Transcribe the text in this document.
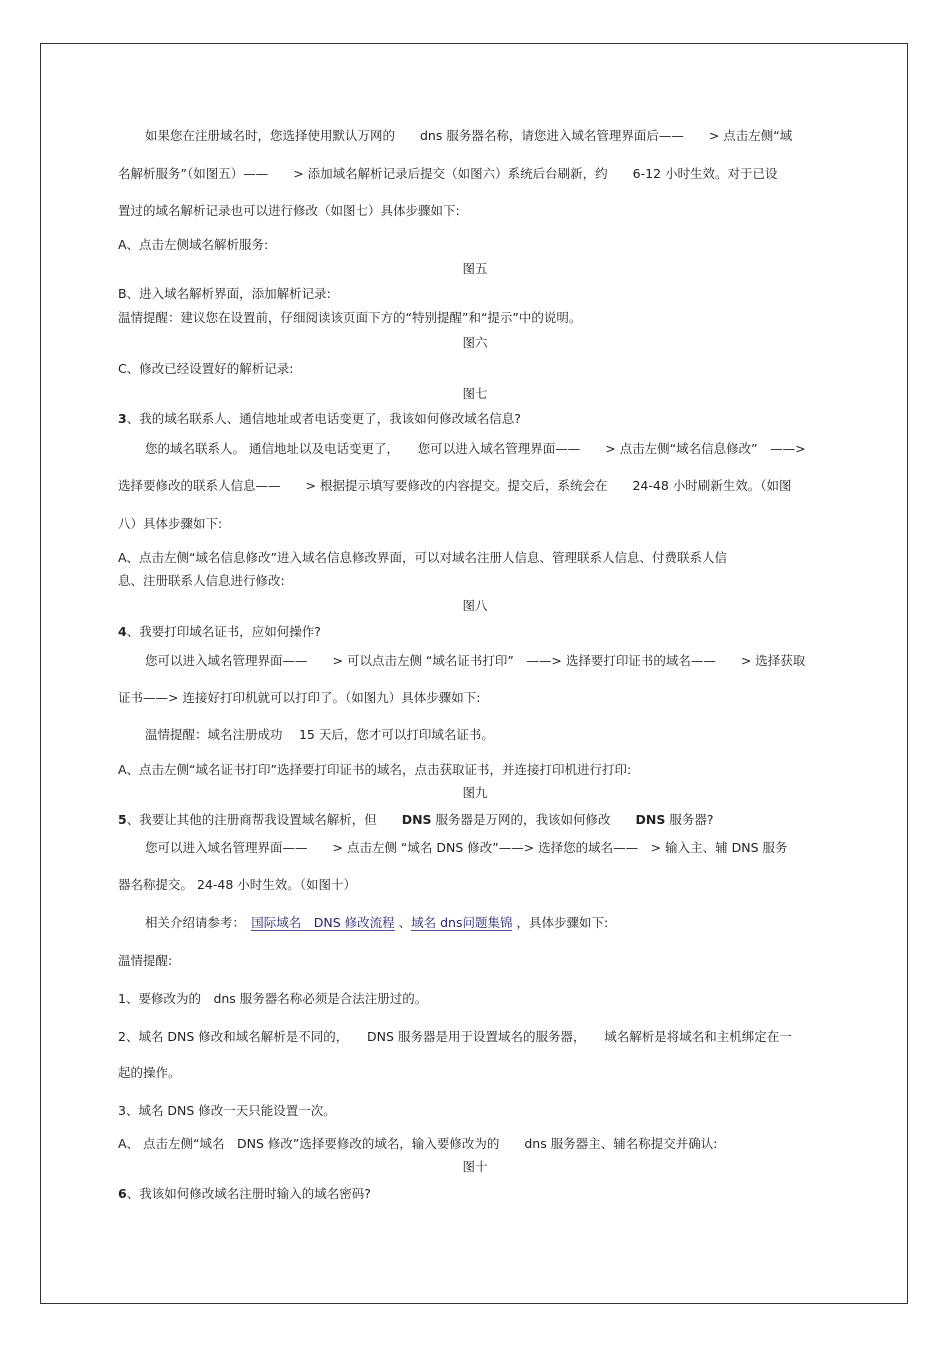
如果您在注册域名时，您选择使用默认万网的　　dns 服务器名称，请您进入域名管理界面后——　　> 点击左侧“域
名解析服务”（如图五）——　　> 添加域名解析记录后提交（如图六）系统后台刷新，约　　6-12 小时生效。对于已设
置过的域名解析记录也可以进行修改（如图七）具体步骤如下:
A、点击左侧域名解析服务:
图五
B、进入域名解析界面，添加解析记录:
温情提醒：建议您在设置前，仔细阅读该页面下方的“特别提醒”和“提示”中的说明。
图六
C、修改已经设置好的解析记录:
图七
3、我的域名联系人、通信地址或者电话变更了，我该如何修改域名信息?
您的域名联系人。 通信地址以及电话变更了，　　您可以进入域名管理界面——　　> 点击左侧“域名信息修改”　——>
选择要修改的联系人信息——　　> 根据提示填写要修改的内容提交。提交后，系统会在　　24-48 小时刷新生效。（如图
八）具体步骤如下:
A、点击左侧“域名信息修改”进入域名信息修改界面，可以对域名注册人信息、管理联系人信息、付费联系人信
息、注册联系人信息进行修改:
图八
4、我要打印域名证书，应如何操作?
您可以进入域名管理界面——　　> 可以点击左侧 “域名证书打印”　——> 选择要打印证书的域名——　　> 选择获取
证书——> 连接好打印机就可以打印了。（如图九）具体步骤如下:
温情提醒：域名注册成功　 15 天后，您才可以打印域名证书。
A、点击左侧“域名证书打印”选择要打印证书的域名，点击获取证书，并连接打印机进行打印:
图九
5、我要让其他的注册商帮我设置域名解析，但　　DNS 服务器是万网的，我该如何修改　　DNS 服务器?
您可以进入域名管理界面——　　> 点击左侧 “域名 DNS 修改”——> 选择您的域名——　> 输入主、辅 DNS 服务
器名称提交。 24-48 小时生效。（如图十）
相关介绍请参考：　国际域名　DNS 修改流程 、域名 dns问题集锦 ，具体步骤如下:
温情提醒:
1、要修改为的　dns 服务器名称必须是合法注册过的。
2、域名 DNS 修改和域名解析是不同的，　　DNS 服务器是用于设置域名的服务器，　　域名解析是将域名和主机绑定在一
起的操作。
3、域名 DNS 修改一天只能设置一次。
A、 点击左侧“域名　DNS 修改”选择要修改的域名，输入要修改为的　　dns 服务器主、辅名称提交并确认:
图十
6、我该如何修改域名注册时输入的域名密码?
